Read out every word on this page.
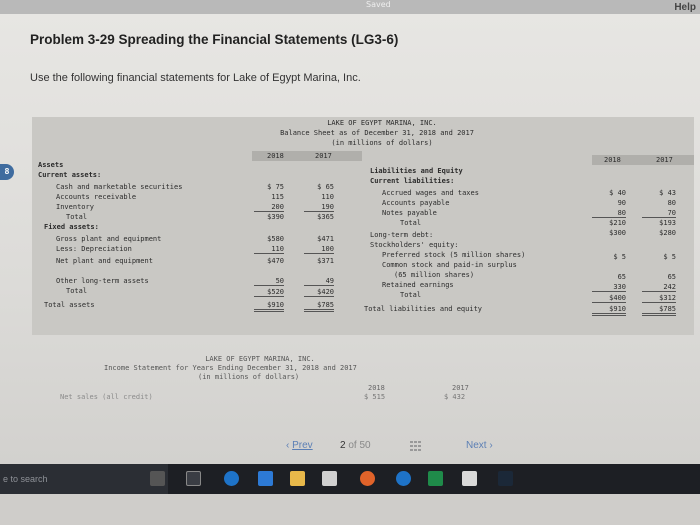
Saved	Help
Problem 3-29 Spreading the Financial Statements (LG3-6)
Use the following financial statements for Lake of Egypt Marina, Inc.
8
LAKE OF EGYPT MARINA, INC.
Balance Sheet as of December 31, 2018 and 2017
(in millions of dollars)
2018	2017	2018	2017
Assets
Current assets:
Cash and marketable securities	$ 75	$ 65
Accounts receivable	115	110
Inventory	200	190
Total	$390	$365
Fixed assets:
Gross plant and equipment	$580	$471
Less: Depreciation	110	100
Net plant and equipment	$470	$371
Other long-term assets	50	49
Total	$520	$420
Total assets	$910	$785
Liabilities and Equity
Current liabilities:
Accrued wages and taxes	$ 40	$ 43
Accounts payable	90	80
Notes payable	80	70
Total	$210	$193
Long-term debt:	$300	$280
Stockholders' equity:
Preferred stock (5 million shares)	$ 5	$ 5
Common stock and paid-in surplus
(65 million shares)	65	65
Retained earnings	330	242
Total	$400	$312
Total liabilities and equity	$910	$785
LAKE OF EGYPT MARINA, INC.
Income Statement for Years Ending December 31, 2018 and 2017
(in millions of dollars)
2018	2017
Net sales (all credit)	$ 515	$ 432
‹ Prev	2 of 50	Next ›
e to search
